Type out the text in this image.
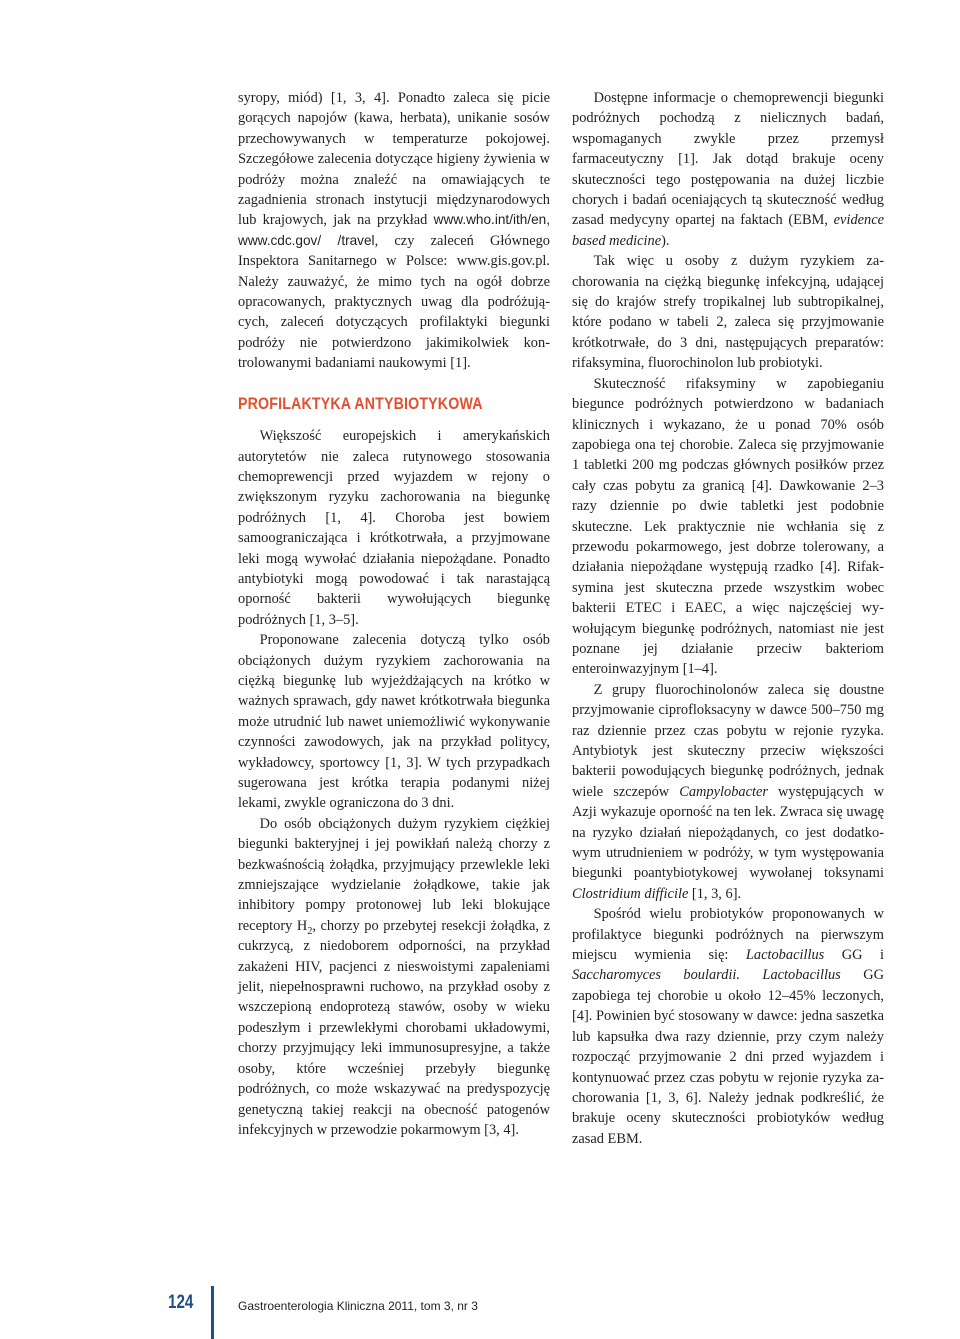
syropy, miód) [1, 3, 4]. Ponadto zaleca się picie gorących napojów (kawa, herbata), unikanie sosów przechowywanych w temperaturze pokojowej. Szczegółowe zalecenia dotyczące higieny żywienia w podróży można znaleźć na omawiających te zagadnienia stronach instytucji międzynarodowych lub krajowych, jak na przykład www.who.int/ith/en, www.cdc.gov/ /travel, czy zaleceń Głównego Inspektora Sanitarnego w Polsce: www.gis.gov.pl. Należy zauważyć, że mimo tych na ogół dobrze opracowanych, praktycznych uwag dla podróżujących, zaleceń dotyczących profilaktyki biegunki podróży nie potwierdzono jakimikolwiek kontrolowanymi badaniami naukowymi [1].

PROFILAKTYKA ANTYBIOTYKOWA

Większość europejskich i amerykańskich autorytetów nie zaleca rutynowego stosowania chemoprewencji przed wyjazdem w rejony o zwiększonym ryzyku zachorowania na biegunkę podróżnych [1, 4]. Choroba jest bowiem samoograniczająca i krótkotrwała, a przyjmowane leki mogą wywołać działania niepożądane. Ponadto antybiotyki mogą powodować i tak narastającą oporność bakterii wywołujących biegunkę podróżnych [1, 3–5].

Proponowane zalecenia dotyczą tylko osób obciążonych dużym ryzykiem zachorowania na ciężką biegunkę lub wyjeżdżających na krótko w ważnych sprawach, gdy nawet krótkotrwała biegunka może utrudnić lub nawet uniemożliwić wykonywanie czynności zawodowych, jak na przykład politycy, wykładowcy, sportowcy [1, 3]. W tych przypadkach sugerowana jest krótka terapia podanymi niżej lekami, zwykle ograniczona do 3 dni.

Do osób obciążonych dużym ryzykiem ciężkiej biegunki bakteryjnej i jej powikłań należą chorzy z bezkwaśnością żołądka, przyjmujący przewlekle leki zmniejszające wydzielanie żołądkowe, takie jak inhibitory pompy protonowej lub leki blokujące receptory $H_2$, chorzy po przebytej resekcji żołądka, z cukrzycą, z niedoborem odporności, na przykład zakażeni HIV, pacjenci z nieswoistymi zapaleniami jelit, niepełnosprawni ruchowo, na przykład osoby z wszczepioną endoprotezą stawów, osoby w wieku podeszłym i przewlekłymi chorobami układowymi, chorzy przyjmujący leki immunosupresyjne, a także osoby, które wcześniej przebyły biegunkę podróżnych, co może wskazywać na predyspozycję genetyczną takiej reakcji na obecność patogenów infekcyjnych w przewodzie pokarmowym [3, 4].

Dostępne informacje o chemoprewencji biegunki podróżnych pochodzą z nielicznych badań, wspomaganych zwykle przez przemysł farmaceutyczny [1]. Jak dotąd brakuje oceny skuteczności tego postępowania na dużej liczbie chorych i badań oceniających tą skuteczność według zasad medycyny opartej na faktach (EBM, evidence based medicine).

Tak więc u osoby z dużym ryzykiem zachorowania na ciężką biegunkę infekcyjną, udającej się do krajów strefy tropikalnej lub subtropikalnej, które podano w tabeli 2, zaleca się przyjmowanie krótkotrwałe, do 3 dni, następujących preparatów: rifaksymina, fluorochinolon lub probiotyki.

Skuteczność rifaksyminy w zapobieganiu biegunce podróżnych potwierdzono w badaniach klinicznych i wykazano, że u ponad 70% osób zapobiega ona tej chorobie. Zaleca się przyjmowanie 1 tabletki 200 mg podczas głównych posiłków przez cały czas pobytu za granicą [4]. Dawkowanie 2–3 razy dziennie po dwie tabletki jest podobnie skuteczne. Lek praktycznie nie wchłania się z przewodu pokarmowego, jest dobrze tolerowany, a działania niepożądane występują rzadko [4]. Rifaksymina jest skuteczna przede wszystkim wobec bakterii ETEC i EAEC, a więc najczęściej wywołującym biegunkę podróżnych, natomiast nie jest poznane jej działanie przeciw bakteriom enteroinwazyjnym [1–4].

Z grupy fluorochinolonów zaleca się doustne przyjmowanie ciprofloksacyny w dawce 500–750 mg raz dziennie przez czas pobytu w rejonie ryzyka. Antybiotyk jest skuteczny przeciw większości bakterii powodujących biegunkę podróżnych, jednak wiele szczepów Campylobacter występujących w Azji wykazuje oporność na ten lek. Zwraca się uwagę na ryzyko działań niepożądanych, co jest dodatkowym utrudnieniem w podróży, w tym występowania biegunki poantybiotykowej wywołanej toksynami Clostridium difficile [1, 3, 6].

Spośród wielu probiotyków proponowanych w profilaktyce biegunki podróżnych na pierwszym miejscu wymienia się: Lactobacillus GG i Saccharomyces boulardii. Lactobacillus GG zapobiega tej chorobie u około 12–45% leczonych, [4]. Powinien być stosowany w dawce: jedna saszetka lub kapsułka dwa razy dziennie, przy czym należy rozpocząć przyjmowanie 2 dni przed wyjazdem i kontynuować przez czas pobytu w rejonie ryzyka zachorowania [1, 3, 6]. Należy jednak podkreślić, że brakuje oceny skuteczności probiotyków według zasad EBM.

124	Gastroenterologia Kliniczna 2011, tom 3, nr 3
